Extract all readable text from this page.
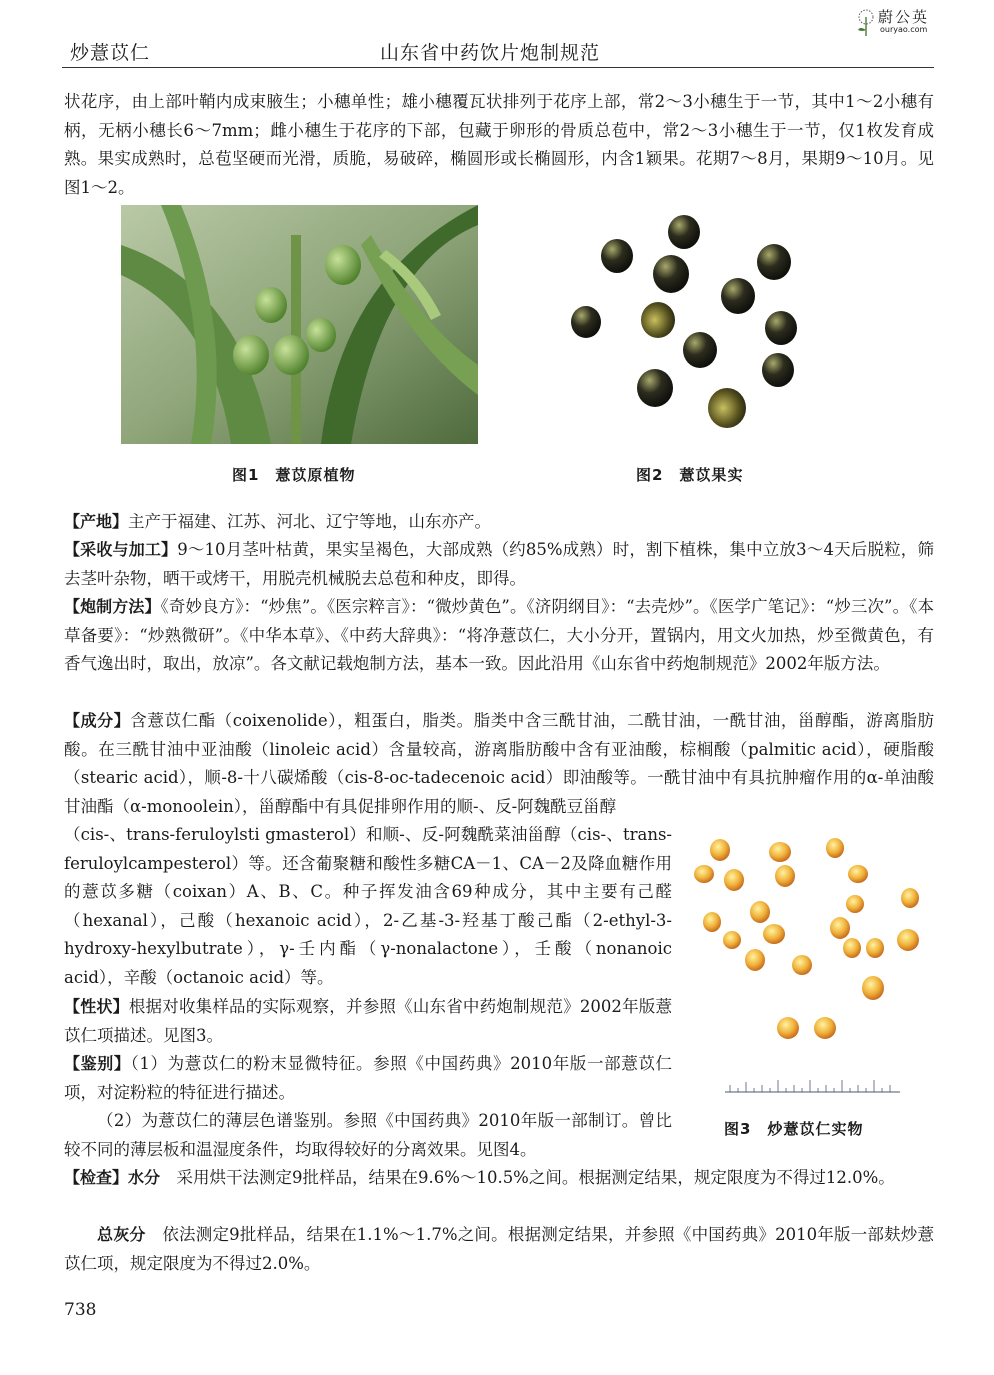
炒薏苡仁	山东省中药饮片炮制规范
蔚公英
ouryao.com
状花序，由上部叶鞘内成束腋生；小穗单性；雄小穗覆瓦状排列于花序上部，常2～3小穗生于一节，其中1～2小穗有柄，无柄小穗长6～7mm；雌小穗生于花序的下部，包藏于卵形的骨质总苞中，常2～3小穗生于一节，仅1枚发育成熟。果实成熟时，总苞坚硬而光滑，质脆，易破碎，椭圆形或长椭圆形，内含1颖果。花期7～8月，果期9～10月。见图1～2。
图1　薏苡原植物	图2　薏苡果实
【产地】主产于福建、江苏、河北、辽宁等地，山东亦产。
【采收与加工】9～10月茎叶枯黄，果实呈褐色，大部成熟（约85%成熟）时，割下植株，集中立放3～4天后脱粒，筛去茎叶杂物，晒干或烤干，用脱壳机械脱去总苞和种皮，即得。
【炮制方法】《奇妙良方》：“炒焦”。《医宗粹言》：“微炒黄色”。《济阴纲目》：“去壳炒”。《医学广笔记》：“炒三次”。《本草备要》：“炒熟微研”。《中华本草》、《中药大辞典》：“将净薏苡仁，大小分开，置锅内，用文火加热，炒至微黄色，有香气逸出时，取出，放凉”。各文献记载炮制方法，基本一致。因此沿用《山东省中药炮制规范》2002年版方法。
【成分】含薏苡仁酯（coixenolide），粗蛋白，脂类。脂类中含三酰甘油，二酰甘油，一酰甘油，甾醇酯，游离脂肪酸。在三酰甘油中亚油酸（linoleic acid）含量较高，游离脂肪酸中含有亚油酸，棕榈酸（palmitic acid），硬脂酸（stearic acid），顺-8-十八碳烯酸（cis-8-oc-tadecenoic acid）即油酸等。一酰甘油中有具抗肿瘤作用的α-单油酸甘油酯（α-monoolein），甾醇酯中有具促排卵作用的顺-、反-阿魏酰豆甾醇
（cis-、trans-feruloylsti gmasterol）和顺-、反-阿魏酰菜油甾醇（cis-、trans-feruloylcampesterol）等。还含葡聚糖和酸性多糖CA－1、CA－2及降血糖作用的薏苡多糖（coixan）A、B、C。种子挥发油含69种成分，其中主要有己醛（hexanal），己酸（hexanoic acid），2-乙基-3-羟基丁酸己酯（2-ethyl-3-hydroxy-hexylbutrate），γ-壬内酯（γ-nonalactone），壬酸（nonanoic acid），辛酸（octanoic acid）等。
【性状】根据对收集样品的实际观察，并参照《山东省中药炮制规范》2002年版薏苡仁项描述。见图3。
【鉴别】（1）为薏苡仁的粉末显微特征。参照《中国药典》2010年版一部薏苡仁项，对淀粉粒的特征进行描述。
（2）为薏苡仁的薄层色谱鉴别。参照《中国药典》2010年版一部制订。曾比较不同的薄层板和温湿度条件，均取得较好的分离效果。见图4。
【检查】水分　 采用烘干法测定9批样品，结果在9.6%～10.5%之间。根据测定结果，规定限度为不得过12.0%。
总灰分　 依法测定9批样品，结果在1.1%～1.7%之间。根据测定结果，并参照《中国药典》2010年版一部麸炒薏苡仁项，规定限度为不得过2.0%。
图3　炒薏苡仁实物
738
